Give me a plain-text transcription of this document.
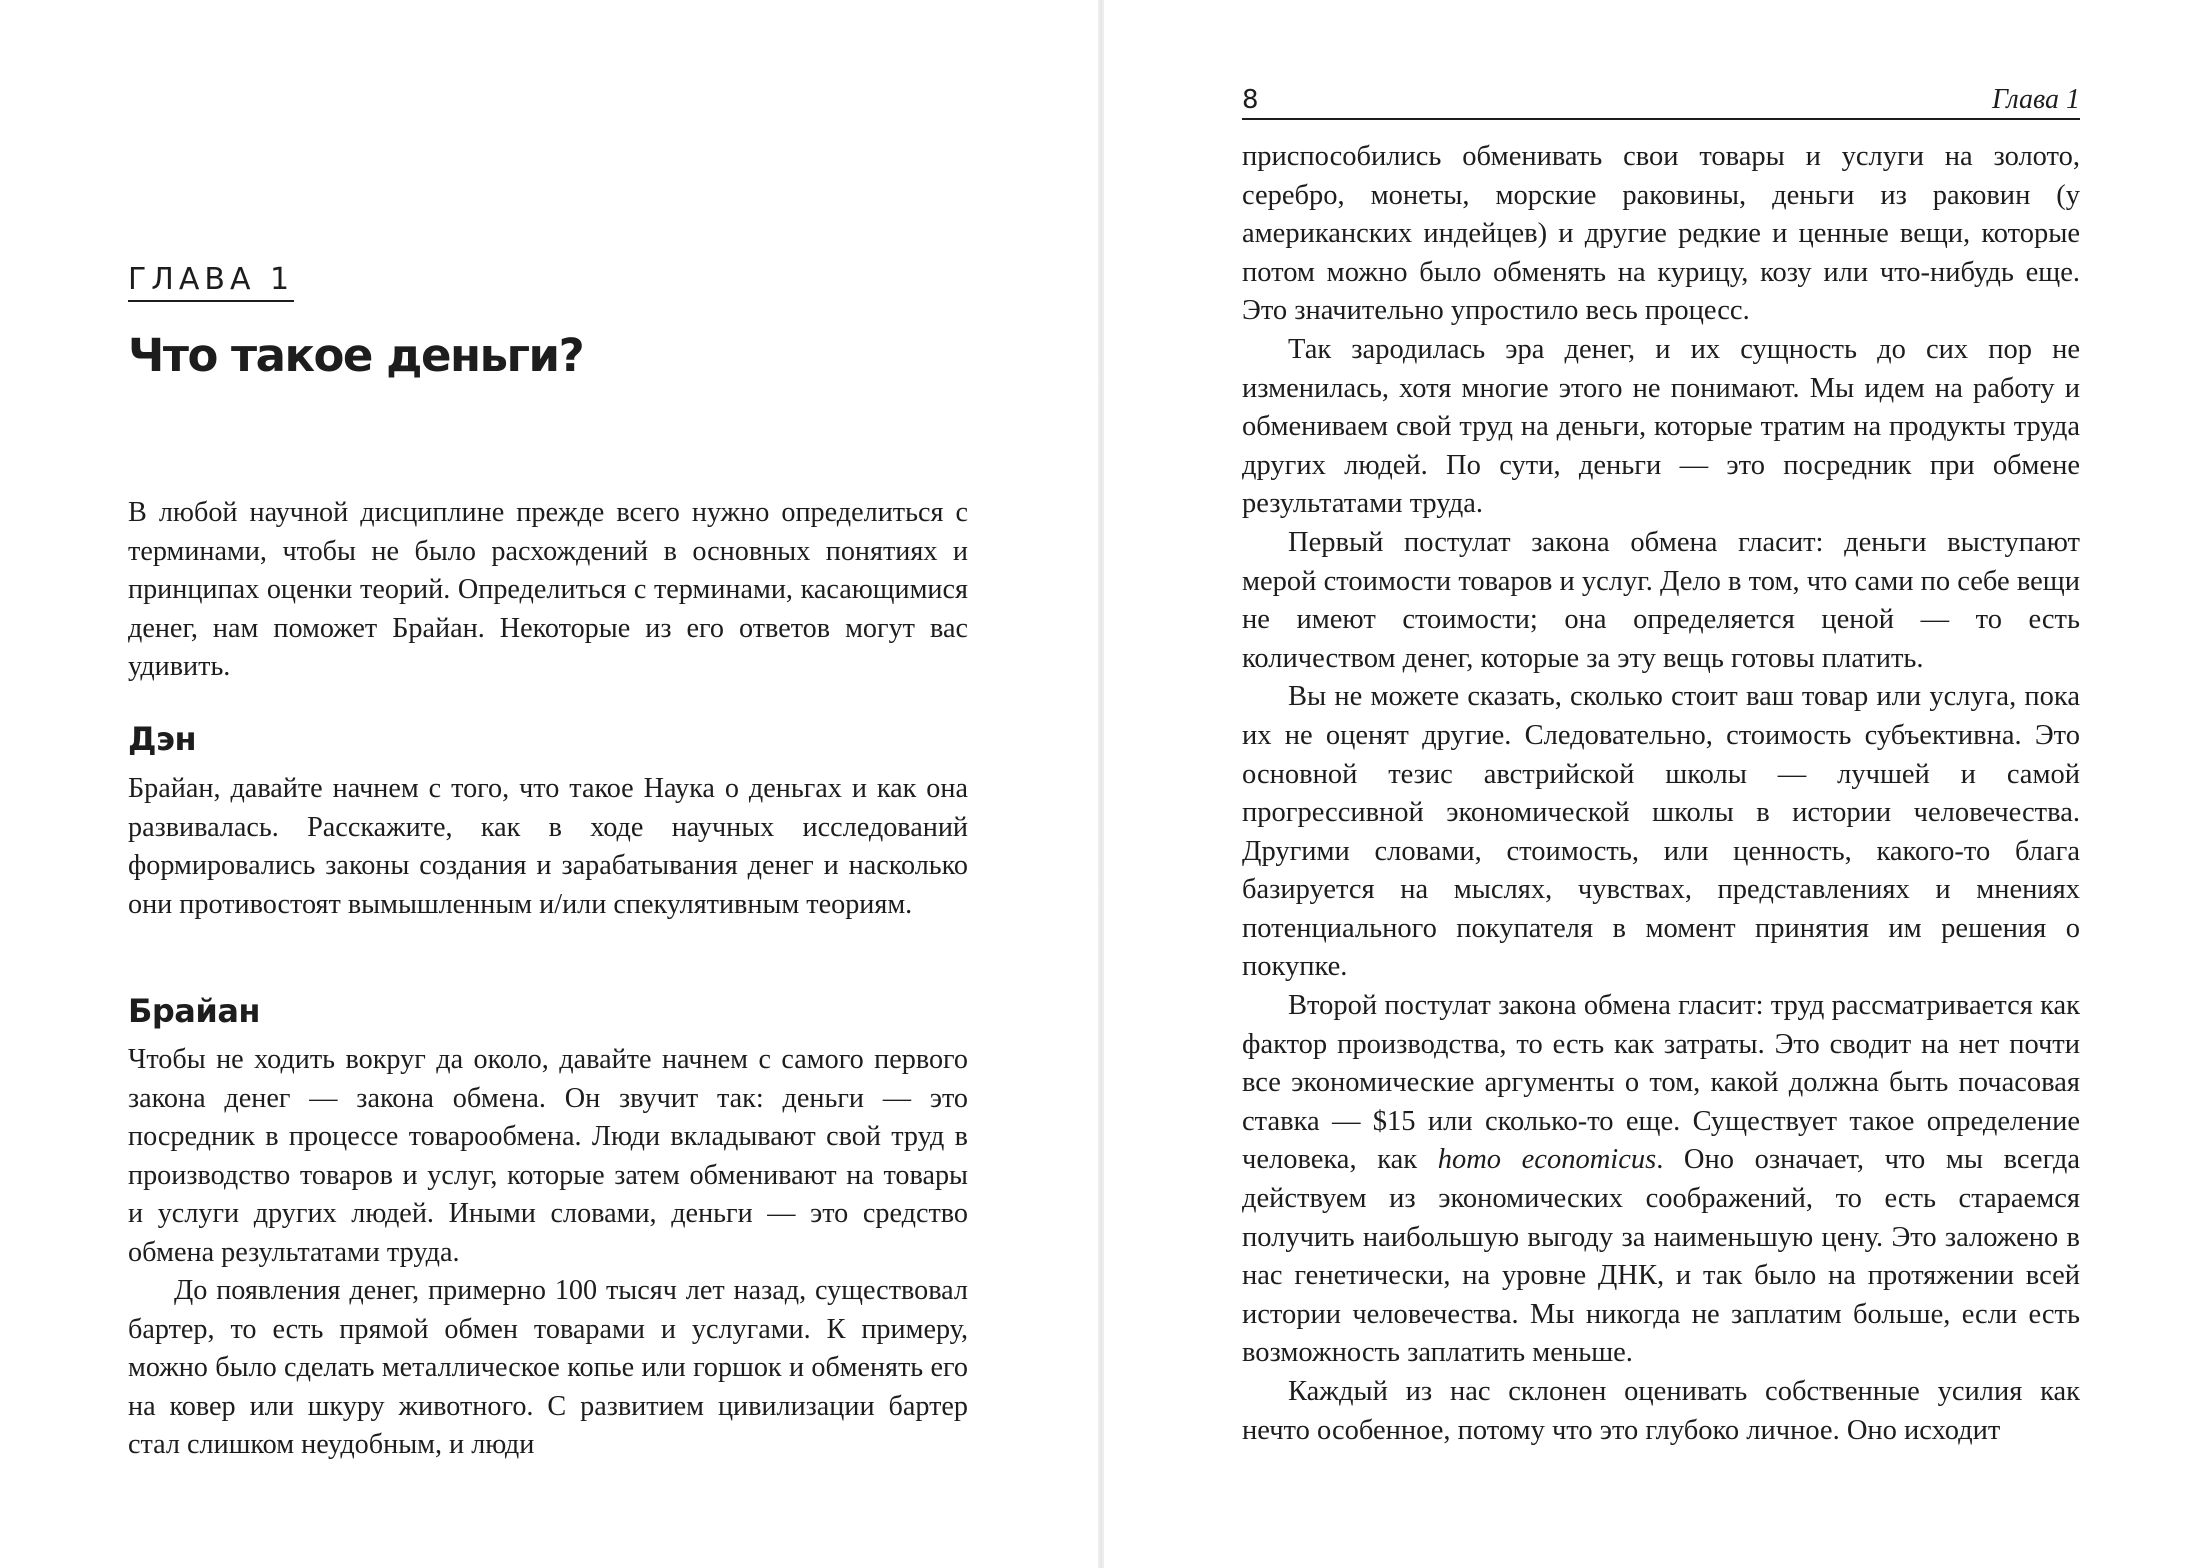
ГЛАВА 1
Что такое деньги?

В любой научной дисциплине прежде всего нужно определиться с терминами, чтобы не было расхождений в основных понятиях и принципах оценки теорий. Определиться с терминами, касающимися денег, нам поможет Брайан. Некоторые из его ответов могут вас удивить.

Дэн

Брайан, давайте начнем с того, что такое Наука о деньгах и как она развивалась. Расскажите, как в ходе научных исследований формировались законы создания и зарабатывания денег и насколько они противостоят вымышленным и/или спекулятивным теориям.

Брайан

Чтобы не ходить вокруг да около, давайте начнем с самого первого закона денег — закона обмена. Он звучит так: деньги — это посредник в процессе товарообмена. Люди вкладывают свой труд в производство товаров и услуг, которые затем обменивают на товары и услуги других людей. Иными словами, деньги — это средство обмена результатами труда.

До появления денег, примерно 100 тысяч лет назад, существовал бартер, то есть прямой обмен товарами и услугами. К примеру, можно было сделать металлическое копье или горшок и обменять его на ковер или шкуру животного. С развитием цивилизации бартер стал слишком неудобным, и люди

8	Глава 1

приспособились обменивать свои товары и услуги на золото, серебро, монеты, морские раковины, деньги из раковин (у американских индейцев) и другие редкие и ценные вещи, которые потом можно было обменять на курицу, козу или что-нибудь еще. Это значительно упростило весь процесс.

Так зародилась эра денег, и их сущность до сих пор не изменилась, хотя многие этого не понимают. Мы идем на работу и обмениваем свой труд на деньги, которые тратим на продукты труда других людей. По сути, деньги — это посредник при обмене результатами труда.

Первый постулат закона обмена гласит: деньги выступают мерой стоимости товаров и услуг. Дело в том, что сами по себе вещи не имеют стоимости; она определяется ценой — то есть количеством денег, которые за эту вещь готовы платить.

Вы не можете сказать, сколько стоит ваш товар или услуга, пока их не оценят другие. Следовательно, стоимость субъективна. Это основной тезис австрийской школы — лучшей и самой прогрессивной экономической школы в истории человечества. Другими словами, стоимость, или ценность, какого-то блага базируется на мыслях, чувствах, представлениях и мнениях потенциального покупателя в момент принятия им решения о покупке.

Второй постулат закона обмена гласит: труд рассматривается как фактор производства, то есть как затраты. Это сводит на нет почти все экономические аргументы о том, какой должна быть почасовая ставка — $15 или сколько-то еще. Существует такое определение человека, как homo economicus. Оно означает, что мы всегда действуем из экономических соображений, то есть стараемся получить наибольшую выгоду за наименьшую цену. Это заложено в нас генетически, на уровне ДНК, и так было на протяжении всей истории человечества. Мы никогда не заплатим больше, если есть возможность заплатить меньше.

Каждый из нас склонен оценивать собственные усилия как нечто особенное, потому что это глубоко личное. Оно исходит
